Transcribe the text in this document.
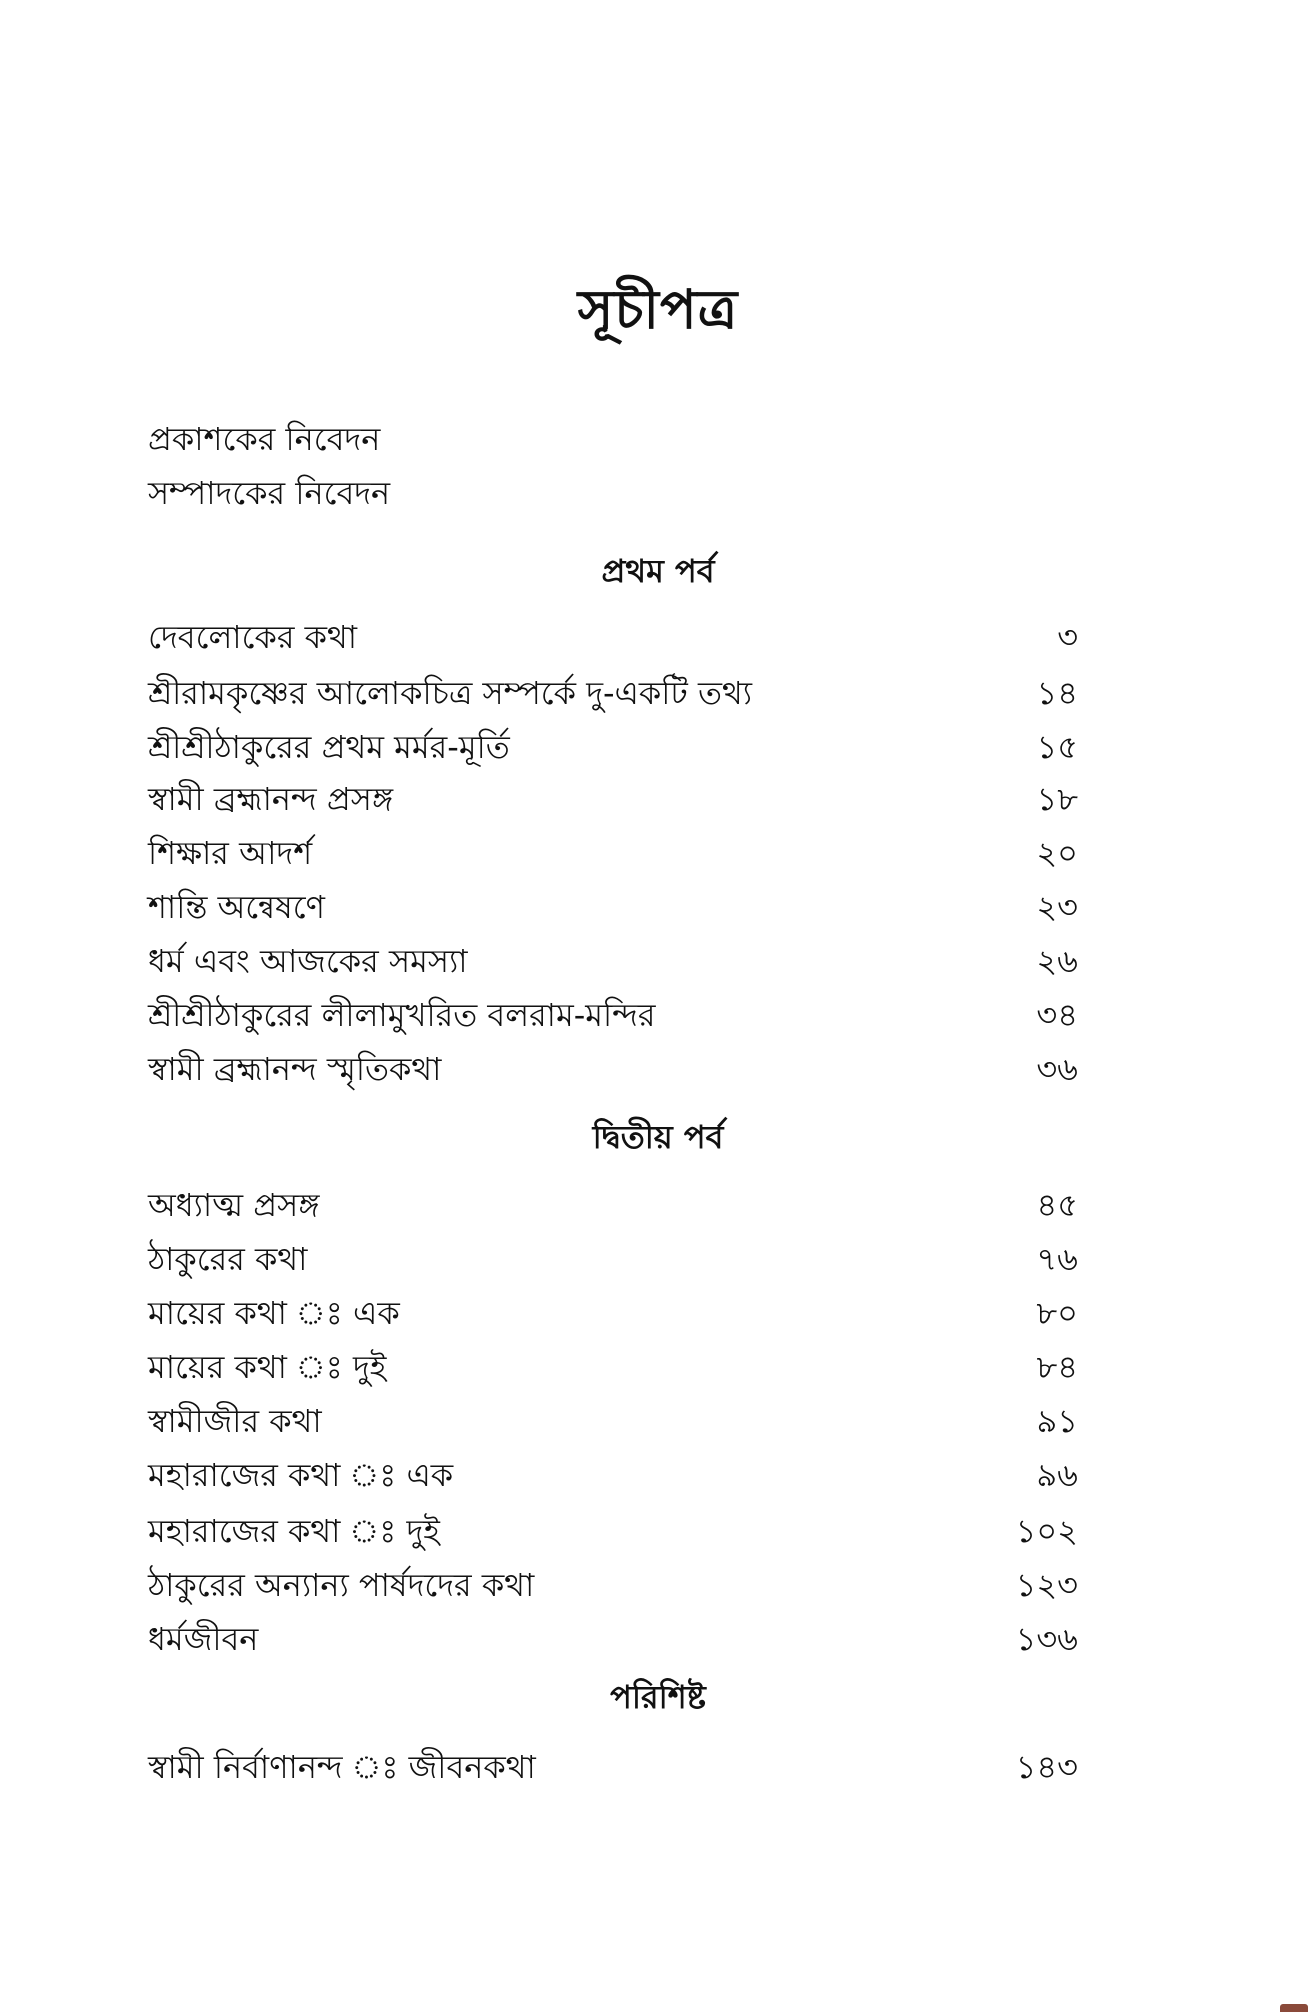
সূচীপত্র
প্রকাশকের নিবেদন
সম্পাদকের নিবেদন
প্রথম পর্ব
দেবলোকের কথা	৩
শ্রীরামকৃষ্ণের আলোকচিত্র সম্পর্কে দু-একটি তথ্য	১৪
শ্রীশ্রীঠাকুরের প্রথম মর্মর-মূর্তি	১৫
স্বামী ব্রহ্মানন্দ প্রসঙ্গ	১৮
শিক্ষার আদর্শ	২০
শান্তি অন্বেষণে	২৩
ধর্ম এবং আজকের সমস্যা	২৬
শ্রীশ্রীঠাকুরের লীলামুখরিত বলরাম-মন্দির	৩৪
স্বামী ব্রহ্মানন্দ স্মৃতিকথা	৩৬
দ্বিতীয় পর্ব
অধ্যাত্ম প্রসঙ্গ	৪৫
ঠাকুরের কথা	৭৬
মায়ের কথা ঃ এক	৮০
মায়ের কথা ঃ দুই	৮৪
স্বামীজীর কথা	৯১
মহারাজের কথা ঃ এক	৯৬
মহারাজের কথা ঃ দুই	১০২
ঠাকুরের অন্যান্য পার্ষদদের কথা	১২৩
ধর্মজীবন	১৩৬
পরিশিষ্ট
স্বামী নির্বাণানন্দ ঃ জীবনকথা	১৪৩
